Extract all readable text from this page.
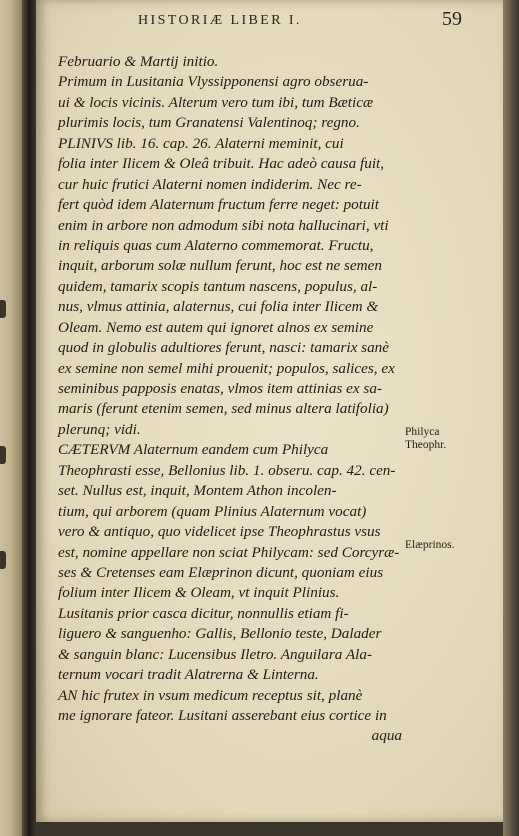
HISTORIÆ LIBER I.	59
Februario & Martij initio.
Primum in Lusitania Vlyssipponensi agro obserua-
ui & locis vicinis. Alterum vero tum ibi, tum Bæticæ
plurimis locis, tum Granatensi Valentinoq; regno.
PLINIVS lib. 16. cap. 26. Alaterni meminit, cui
folia inter Ilicem & Oleâ tribuit. Hac adeò causa fuit,
cur huic frutici Alaterni nomen indiderim. Nec re-
fert quòd idem Alaternum fructum ferre neget: potuit
enim in arbore non admodum sibi nota hallucinari, vti
in reliquis quas cum Alaterno commemorat. Fructu,
inquit, arborum solæ nullum ferunt, hoc est ne semen
quidem, tamarix scopis tantum nascens, populus, al-
nus, vlmus attinia, alaternus, cui folia inter Ilicem &
Oleam. Nemo est autem qui ignoret alnos ex semine
quod in globulis adultiores ferunt, nasci: tamarix sanè
ex semine non semel mihi prouenit; populos, salices, ex
seminibus papposis enatas, vlmos item attinias ex sa-
maris (ferunt etenim semen, sed minus altera latifolia)
plerunq; vidi.
CÆTERVM Alaternum eandem cum Philyca
Theophrasti esse, Bellonius lib. 1. obseru. cap. 42. cen-
set. Nullus est, inquit, Montem Athon incolen-
tium, qui arborem (quam Plinius Alaternum vocat)
vero & antiquo, quo videlicet ipse Theophrastus vsus
est, nomine appellare non sciat Philycam: sed Corcyræ-
ses & Cretenses eam Elæprinon dicunt, quoniam eius
folium inter Ilicem & Oleam, vt inquit Plinius.
Lusitanis prior casca dicitur, nonnullis etiam fi-
liguero & sanguenho: Gallis, Bellonio teste, Dalader
& sanguin blanc: Lucensibus Iletro. Anguilara Ala-
ternum vocari tradit Alatrerna & Linterna.
AN hic frutex in vsum medicum receptus sit, planè
me ignorare fateor. Lusitani asserebant eius cortice in
aqua
Philyca
Theophr.
Elæprinos.
